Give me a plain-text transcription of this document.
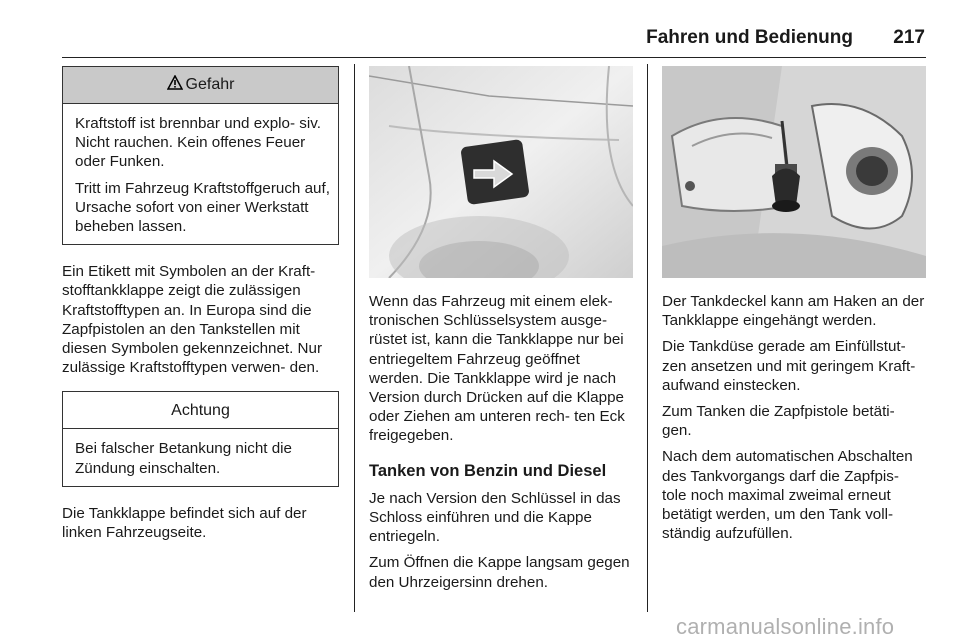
Fahren und Bedienung 217
Gefahr

Kraftstoff ist brennbar und explo- siv. Nicht rauchen. Kein offenes Feuer oder Funken.

Tritt im Fahrzeug Kraftstoffgeruch auf, Ursache sofort von einer Werkstatt beheben lassen.

Ein Etikett mit Symbolen an der Kraft- stofftankklappe zeigt die zulässigen Kraftstofftypen an. In Europa sind die Zapfpistolen an den Tankstellen mit diesen Symbolen gekennzeichnet. Nur zulässige Kraftstofftypen verwen- den.

Achtung

Bei falscher Betankung nicht die Zündung einschalten.

Die Tankklappe befindet sich auf der linken Fahrzeugseite.

Wenn das Fahrzeug mit einem elek- tronischen Schlüsselsystem ausge- rüstet ist, kann die Tankklappe nur bei entriegeltem Fahrzeug geöffnet werden. Die Tankklappe wird je nach Version durch Drücken auf die Klappe oder Ziehen am unteren rech- ten Eck freigegeben.

Tanken von Benzin und Diesel

Je nach Version den Schlüssel in das Schloss einführen und die Kappe entriegeln.

Zum Öffnen die Kappe langsam gegen den Uhrzeigersinn drehen.

Der Tankdeckel kann am Haken an der Tankklappe eingehängt werden.

Die Tankdüse gerade am Einfüllstut- zen ansetzen und mit geringem Kraft- aufwand einstecken.

Zum Tanken die Zapfpistole betäti- gen.

Nach dem automatischen Abschalten des Tankvorgangs darf die Zapfpis- tole noch maximal zweimal erneut betätigt werden, um den Tank voll- ständig aufzufüllen.

carmanualsonline.info
